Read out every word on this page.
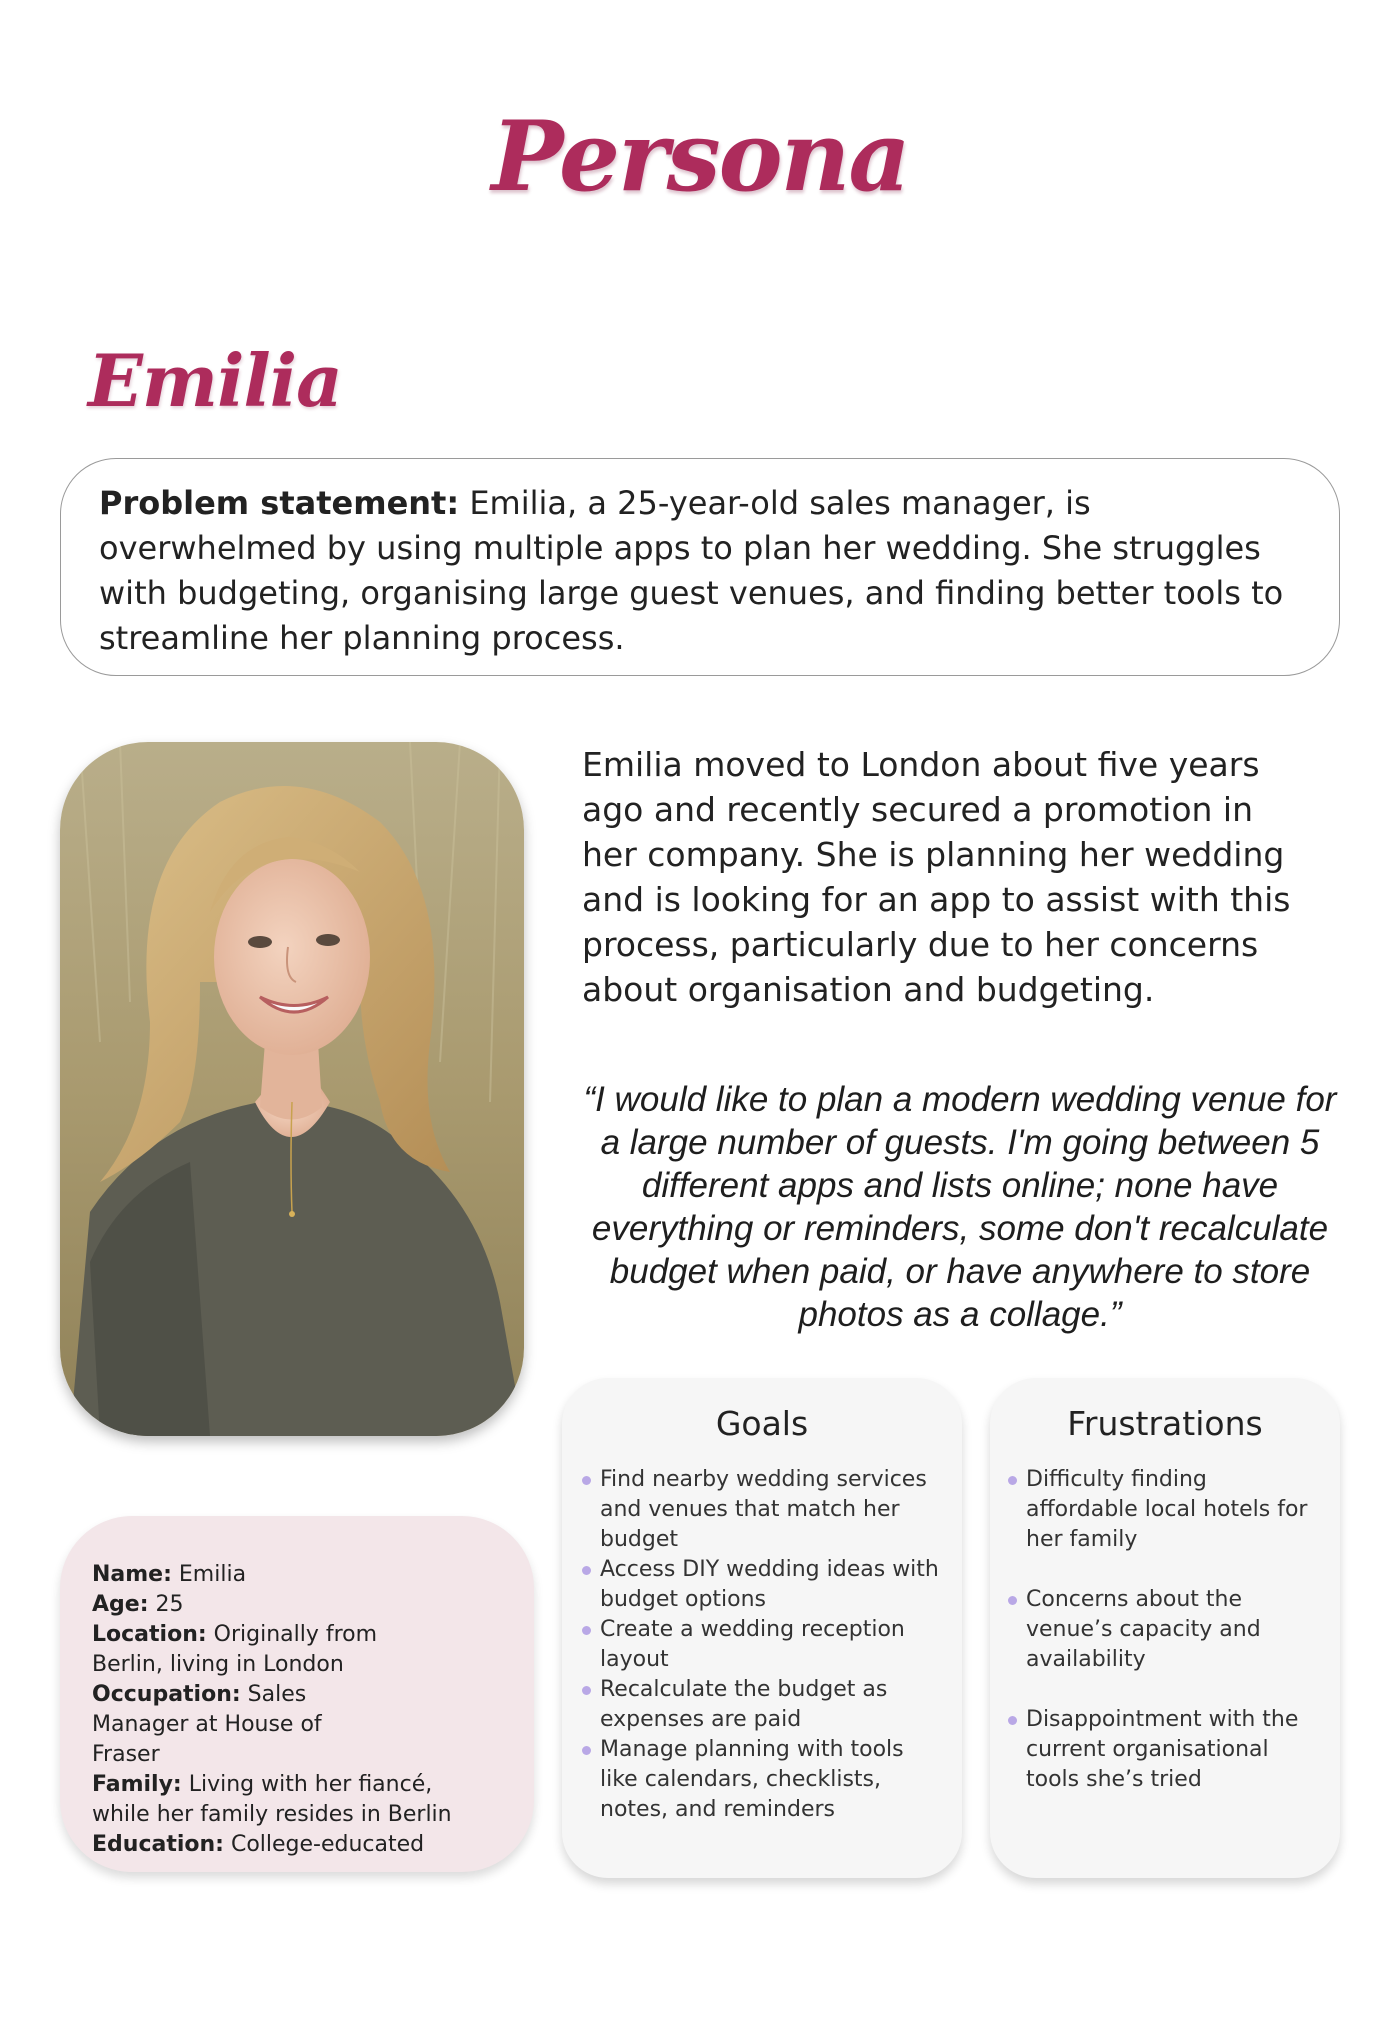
Persona
Emilia

Problem statement: Emilia, a 25-year-old sales manager, is overwhelmed by using multiple apps to plan her wedding. She struggles with budgeting, organising large guest venues, and finding better tools to streamline her planning process.

Emilia moved to London about five years ago and recently secured a promotion in her company. She is planning her wedding and is looking for an app to assist with this process, particularly due to her concerns about organisation and budgeting.

“I would like to plan a modern wedding venue for a large number of guests. I'm going between 5 different apps and lists online; none have everything or reminders, some don't recalculate budget when paid, or have anywhere to store photos as a collage.”

Name: Emilia
Age: 25
Location: Originally from Berlin, living in London
Occupation: Sales Manager at House of Fraser
Family: Living with her fiancé, while her family resides in Berlin
Education: College-educated
Goals
Find nearby wedding services and venues that match her budget
Access DIY wedding ideas with budget options
Create a wedding reception layout
Recalculate the budget as expenses are paid
Manage planning with tools like calendars, checklists, notes, and reminders
Frustrations
Difficulty finding affordable local hotels for her family
Concerns about the venue’s capacity and availability
Disappointment with the current organisational tools she’s tried
